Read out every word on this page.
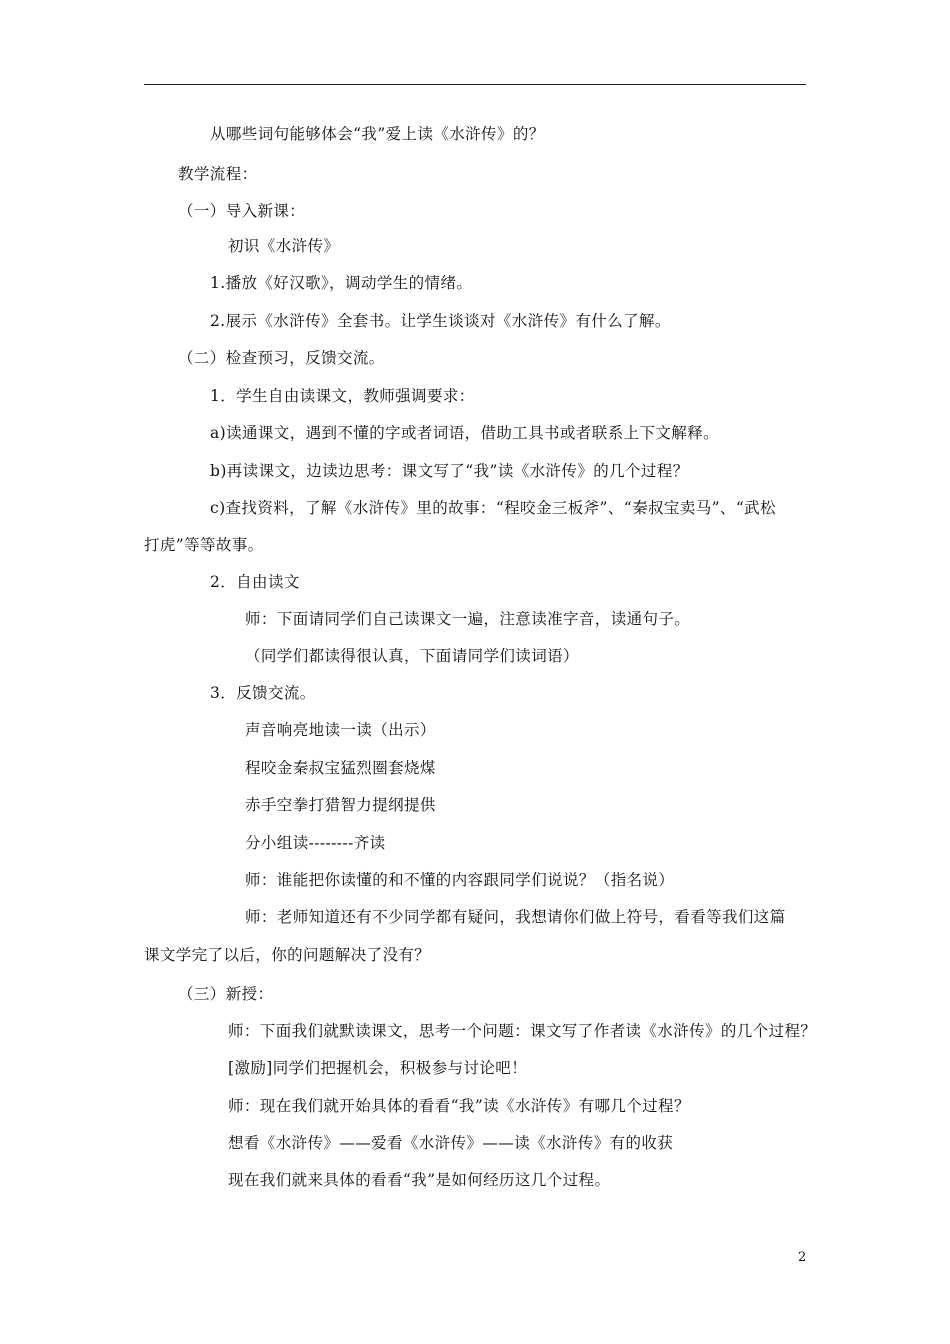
从哪些词句能够体会“我”爱上读《水浒传》的？
教学流程：
（一）导入新课：
初识《水浒传》
1.播放《好汉歌》，调动学生的情绪。
2.展示《水浒传》全套书。让学生谈谈对《水浒传》有什么了解。
（二）检查预习，反馈交流。
1．学生自由读课文，教师强调要求：
a)读通课文，遇到不懂的字或者词语，借助工具书或者联系上下文解释。
b)再读课文，边读边思考：课文写了“我”读《水浒传》的几个过程？
c)查找资料，了解《水浒传》里的故事：“程咬金三板斧”、“秦叔宝卖马”、“武松
打虎”等等故事。
2．自由读文
师：下面请同学们自己读课文一遍，注意读准字音，读通句子。
（同学们都读得很认真，下面请同学们读词语）
3．反馈交流。
声音响亮地读一读（出示）
程咬金秦叔宝猛烈圈套烧煤
赤手空拳打猎智力提纲提供
分小组读--------齐读
师：谁能把你读懂的和不懂的内容跟同学们说说？（指名说）
师：老师知道还有不少同学都有疑问，我想请你们做上符号，看看等我们这篇
课文学完了以后，你的问题解决了没有？
（三）新授：
师：下面我们就默读课文，思考一个问题：课文写了作者读《水浒传》的几个过程？
[激励]同学们把握机会，积极参与讨论吧！
师：现在我们就开始具体的看看“我”读《水浒传》有哪几个过程？
想看《水浒传》——爱看《水浒传》——读《水浒传》有的收获
现在我们就来具体的看看“我”是如何经历这几个过程。
2
